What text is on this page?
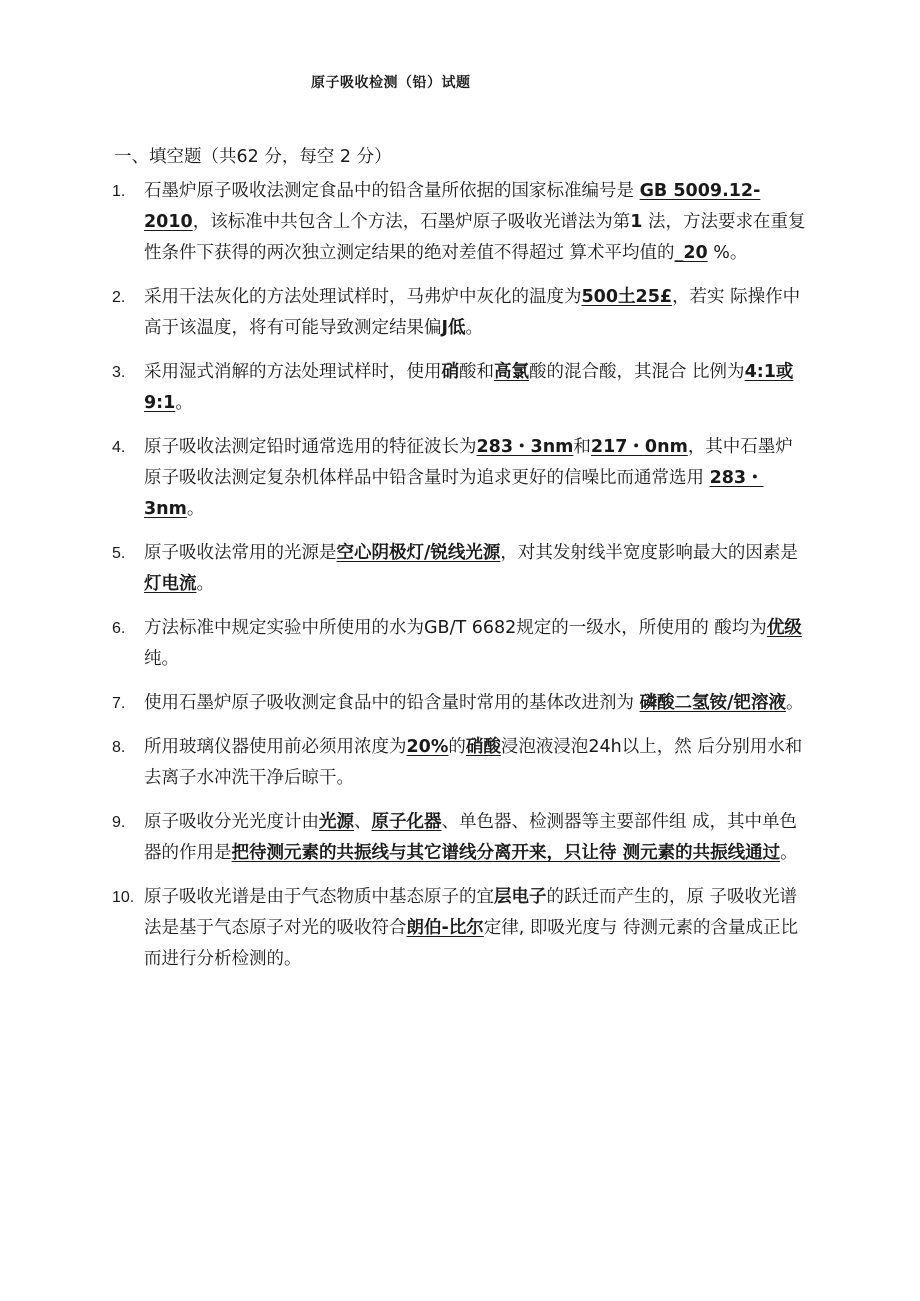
原子吸收检测（铅）试题
一、填空题（共62 分，每空 2 分）
1. 石墨炉原子吸收法测定食品中的铅含量所依据的国家标准编号是 GB 5009.12-2010，该标准中共包含丄个方法，石墨炉原子吸收光谱法为第1 法，方法要求在重复性条件下获得的两次独立测定结果的绝对差值不得超过 算术平均值的_20 %。
2. 采用干法灰化的方法处理试样时，马弗炉中灰化的温度为500土25£，若实 际操作中高于该温度，将有可能导致测定结果偏J低。
3. 采用湿式消解的方法处理试样时，使用硝酸和高氯酸的混合酸，其混合 比例为4:1或9:1。
4. 原子吸收法测定铅时通常选用的特征波长为283・3nm和217・0nm，其中石墨炉原子吸收法测定复杂机体样品中铅含量时为追求更好的信噪比而通常选用 283・3nm。
5. 原子吸收法常用的光源是空心阴极灯/锐线光源，对其发射线半宽度影响最大的因素是灯电流。
6. 方法标准中规定实验中所使用的水为GB/T 6682规定的一级水，所使用的 酸均为优级纯。
7. 使用石墨炉原子吸收测定食品中的铅含量时常用的基体改进剂为 磷酸二氢铵/钯溶液。
8. 所用玻璃仪器使用前必须用浓度为20%的硝酸浸泡液浸泡24h以上，然 后分别用水和去离子水冲洗干净后晾干。
9. 原子吸收分光光度计由光源、原子化器、单色器、检测器等主要部件组 成，其中单色器的作用是把待测元素的共振线与其它谱线分离开来，只让待 测元素的共振线通过。
10. 原子吸收光谱是由于气态物质中基态原子的宜层电子的跃迁而产生的，原 子吸收光谱法是基于气态原子对光的吸收符合朗伯-比尔定律, 即吸光度与 待测元素的含量成正比而进行分析检测的。
